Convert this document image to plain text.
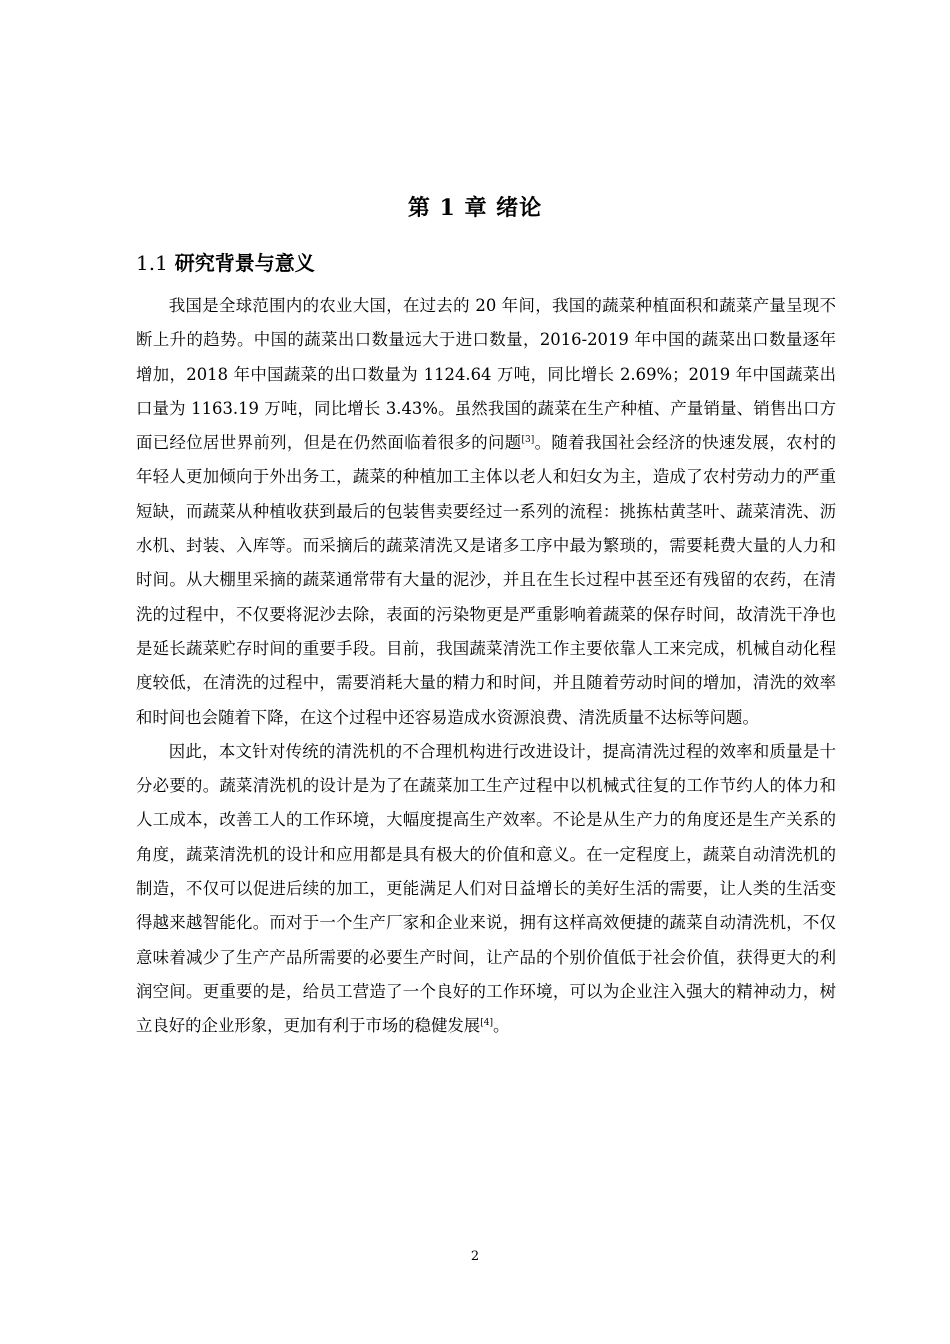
第 1 章 绪论
1.1 研究背景与意义

我国是全球范围内的农业大国，在过去的 20 年间，我国的蔬菜种植面积和蔬菜产量呈现不断上升的趋势。中国的蔬菜出口数量远大于进口数量，2016-2019 年中国的蔬菜出口数量逐年增加，2018 年中国蔬菜的出口数量为 1124.64 万吨，同比增长 2.69%；2019 年中国蔬菜出口量为 1163.19 万吨，同比增长 3.43%。虽然我国的蔬菜在生产种植、产量销量、销售出口方面已经位居世界前列，但是在仍然面临着很多的问题[3]。随着我国社会经济的快速发展，农村的年轻人更加倾向于外出务工，蔬菜的种植加工主体以老人和妇女为主，造成了农村劳动力的严重短缺，而蔬菜从种植收获到最后的包装售卖要经过一系列的流程：挑拣枯黄茎叶、蔬菜清洗、沥水机、封装、入库等。而采摘后的蔬菜清洗又是诸多工序中最为繁琐的，需要耗费大量的人力和时间。从大棚里采摘的蔬菜通常带有大量的泥沙，并且在生长过程中甚至还有残留的农药，在清洗的过程中，不仅要将泥沙去除，表面的污染物更是严重影响着蔬菜的保存时间，故清洗干净也是延长蔬菜贮存时间的重要手段。目前，我国蔬菜清洗工作主要依靠人工来完成，机械自动化程度较低，在清洗的过程中，需要消耗大量的精力和时间，并且随着劳动时间的增加，清洗的效率和时间也会随着下降，在这个过程中还容易造成水资源浪费、清洗质量不达标等问题。

因此，本文针对传统的清洗机的不合理机构进行改进设计，提高清洗过程的效率和质量是十分必要的。蔬菜清洗机的设计是为了在蔬菜加工生产过程中以机械式往复的工作节约人的体力和人工成本，改善工人的工作环境，大幅度提高生产效率。不论是从生产力的角度还是生产关系的角度，蔬菜清洗机的设计和应用都是具有极大的价值和意义。在一定程度上，蔬菜自动清洗机的制造，不仅可以促进后续的加工，更能满足人们对日益增长的美好生活的需要，让人类的生活变得越来越智能化。而对于一个生产厂家和企业来说，拥有这样高效便捷的蔬菜自动清洗机，不仅意味着减少了生产产品所需要的必要生产时间，让产品的个别价值低于社会价值，获得更大的利润空间。更重要的是，给员工营造了一个良好的工作环境，可以为企业注入强大的精神动力，树立良好的企业形象，更加有利于市场的稳健发展[4]。

2
